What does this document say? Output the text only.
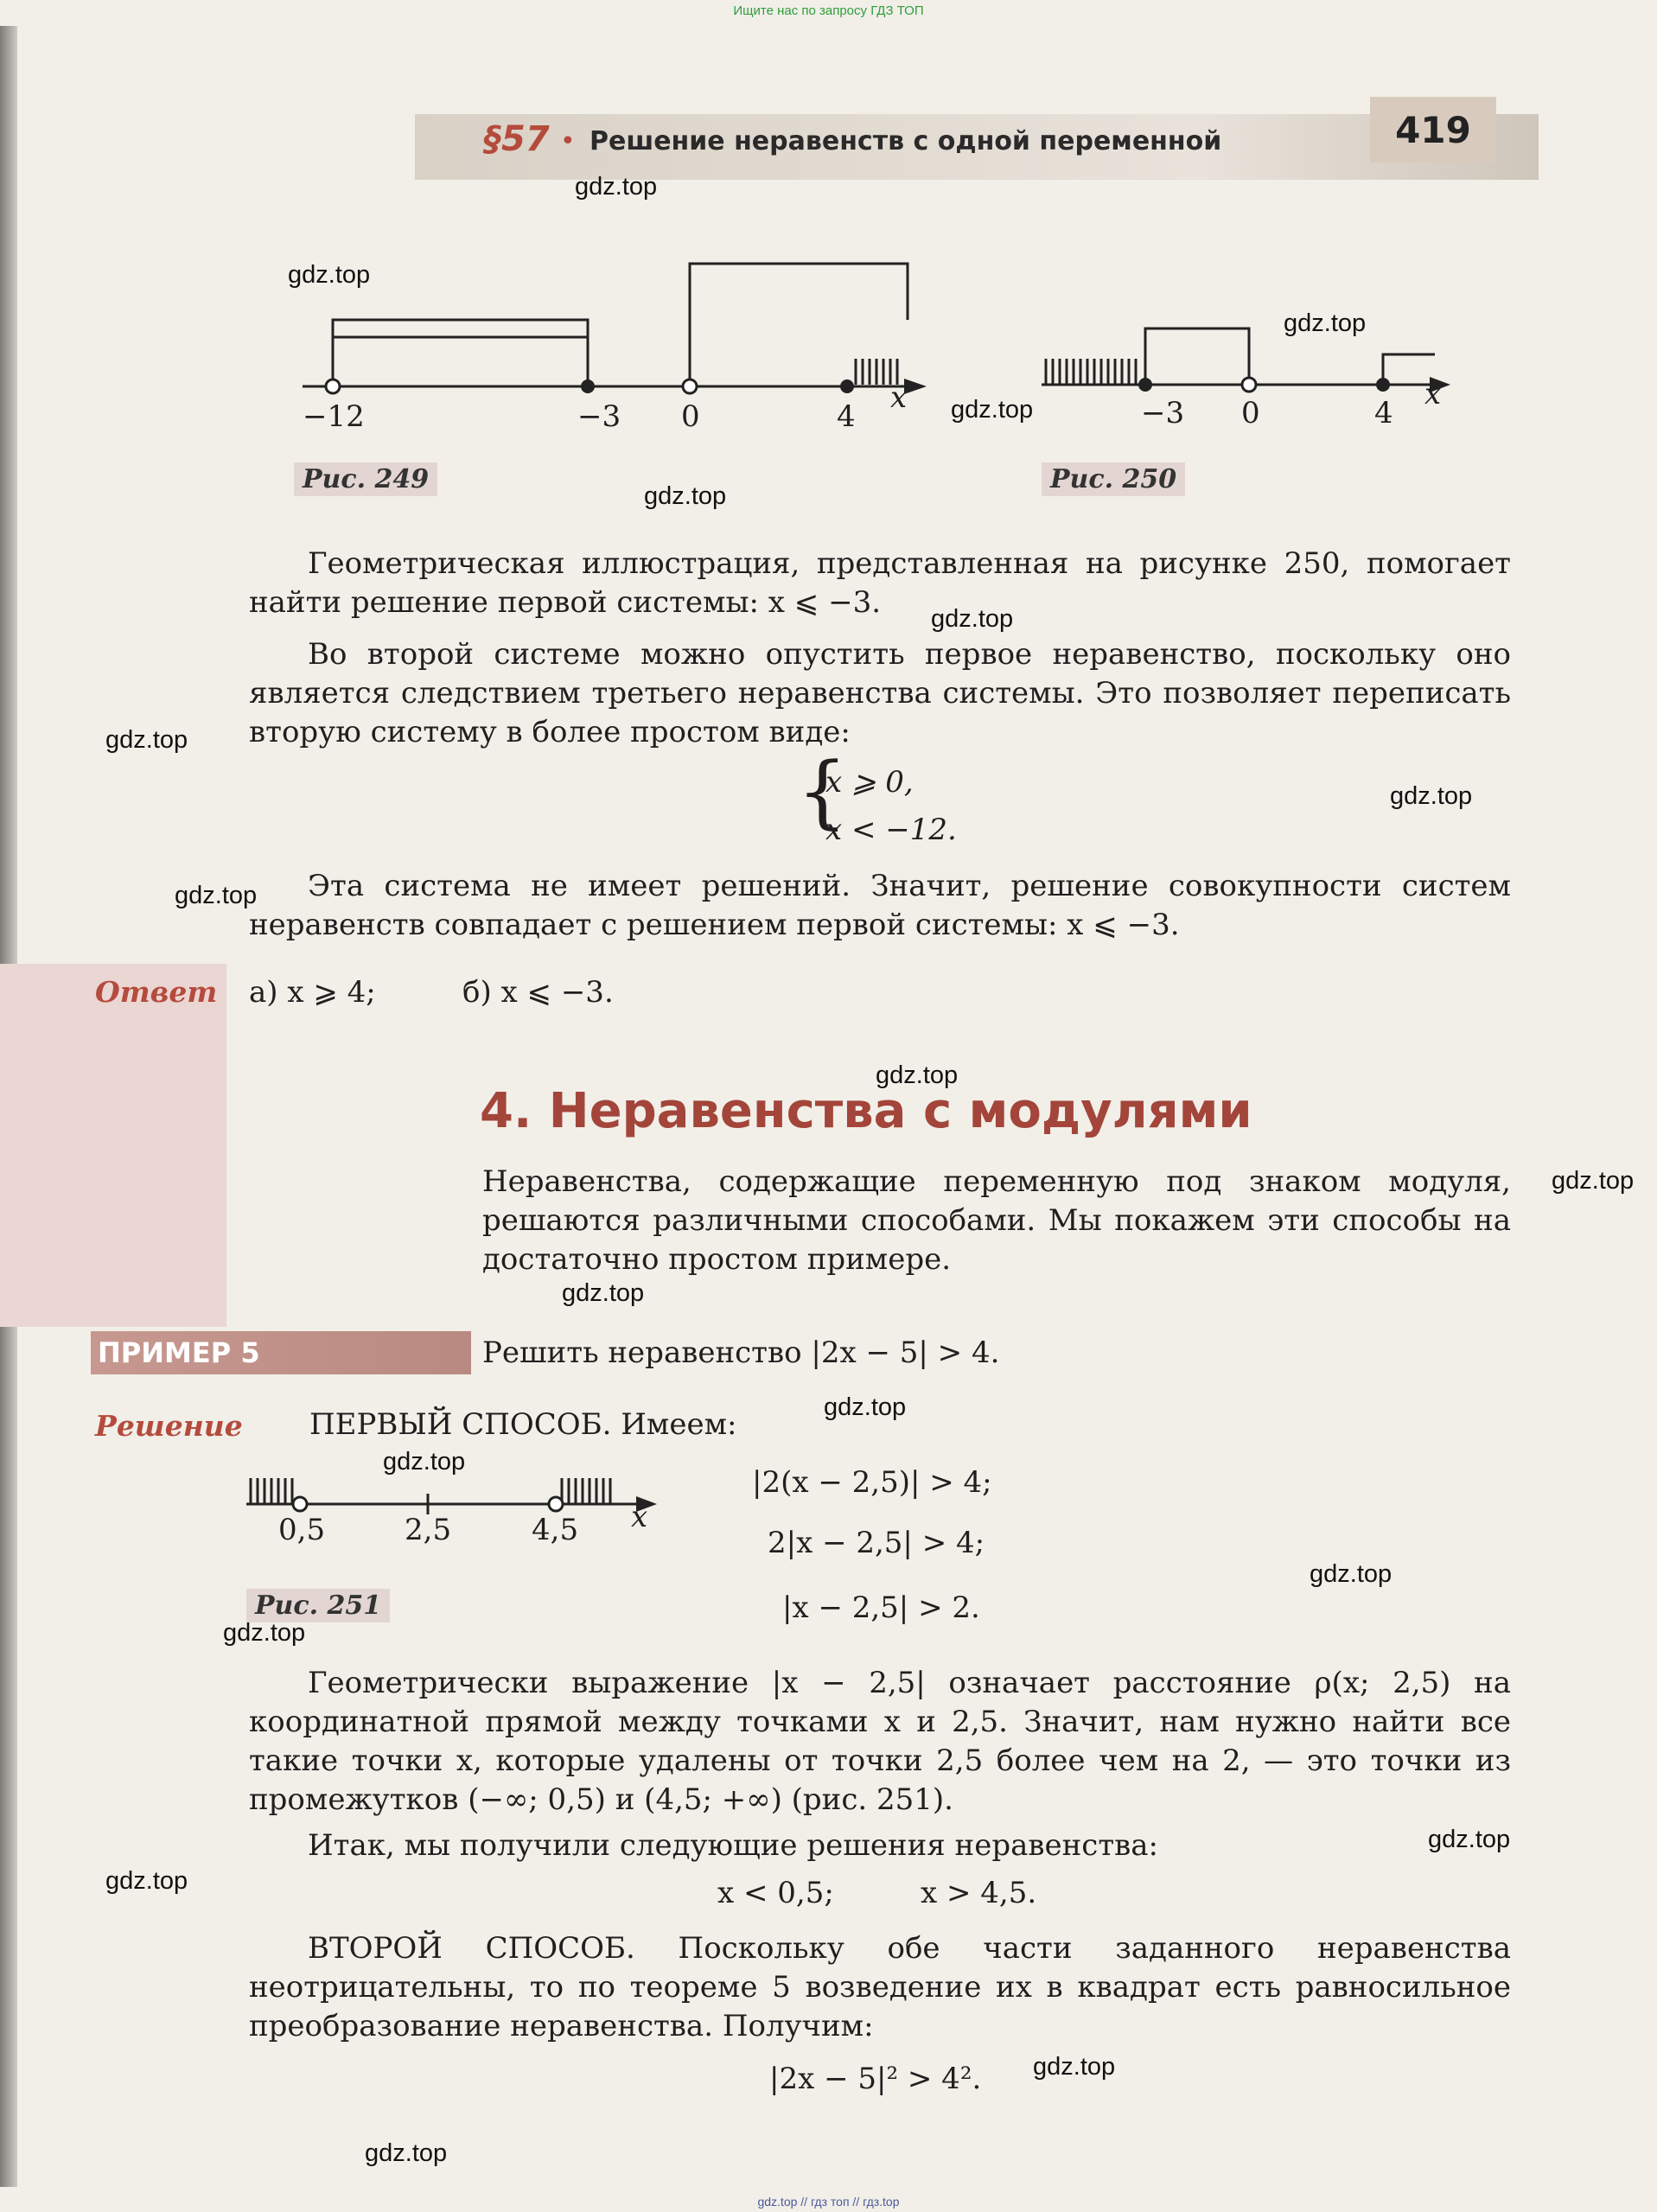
Ищите нас по запросу ГДЗ ТОП
§57 • Решение неравенств с одной переменной	419
−12	−3 0	4
x
Рис. 249
−3 0	4
x
Рис. 250
Геометрическая иллюстрация, представленная на рисунке 250, помогает найти решение первой системы: x ⩽ −3.
Во второй системе можно опустить первое неравенство, поскольку оно является следствием третьего неравенства системы. Это позволяет переписать вторую систему в более простом виде:
{
x ⩾ 0,
x < −12.
Эта система не имеет решений. Значит, решение совокупности систем неравенств совпадает с решением первой системы: x ⩽ −3.
Ответ а) x ⩾ 4;	б) x ⩽ −3.
4. Неравенства с модулями
Неравенства, содержащие переменную под знаком модуля, решаются различными способами. Мы покажем эти способы на достаточно простом примере.
ПРИМЕР 5	Решить неравенство |2x − 5| > 4.
Решение ПЕРВЫЙ СПОСОБ. Имеем:
0,5	2,5	4,5 x
Рис. 251
|2(x − 2,5)| > 4;
2|x − 2,5| > 4;
|x − 2,5| > 2.
Геометрически выражение |x − 2,5| означает расстояние ρ(x; 2,5) на координатной прямой между точками x и 2,5. Значит, нам нужно найти все такие точки x, которые удалены от точки 2,5 более чем на 2, — это точки из промежутков (−∞; 0,5) и (4,5; +∞) (рис. 251).
Итак, мы получили следующие решения неравенства:
x < 0,5;	x > 4,5.
ВТОРОЙ СПОСОБ. Поскольку обе части заданного неравенства неотрицательны, то по теореме 5 возведение их в квадрат есть равносильное преобразование неравенства. Получим:
|2x − 5|² > 4².
gdz.top
gdz.top
gdz.top
gdz.top
gdz.top
gdz.top
gdz.top
gdz.top
gdz.top
gdz.top
gdz.top
gdz.top
gdz.top
gdz.top
gdz.top
gdz.top
gdz.top
gdz.top
gdz.top
gdz.top
gdz.top // гдз топ // гдз.top
